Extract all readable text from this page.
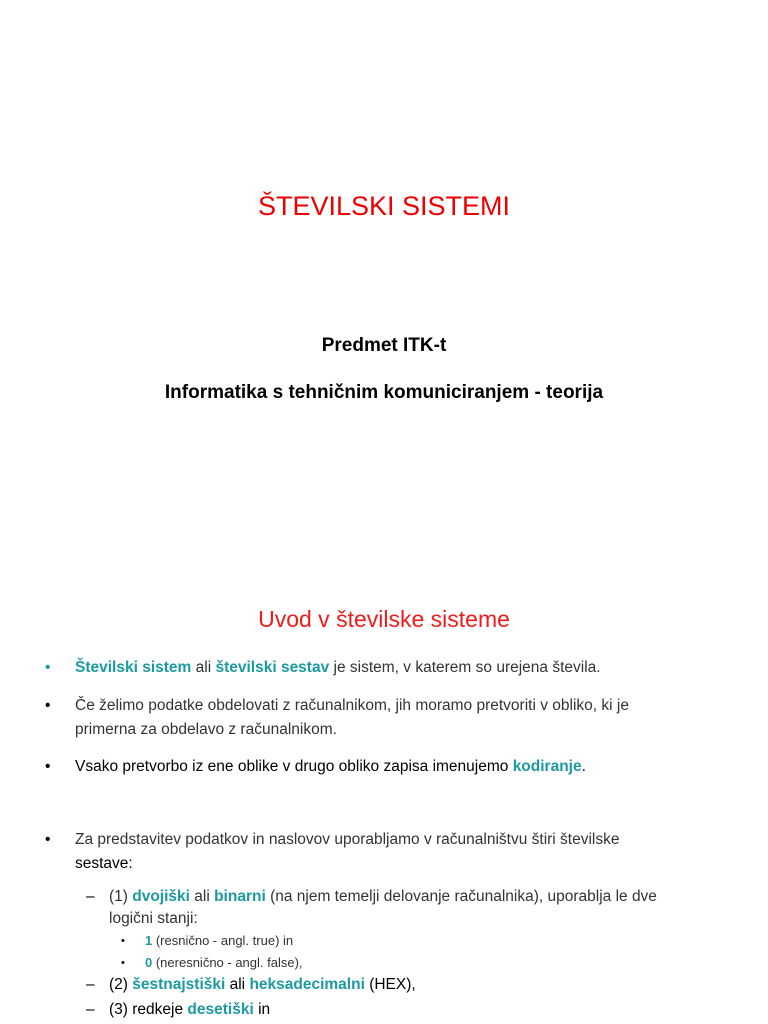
ŠTEVILSKI SISTEMI
Predmet ITK-t
Informatika s tehničnim komuniciranjem - teorija
Uvod v številske sisteme
•	Številski sistem ali številski sestav je sistem, v katerem so urejena števila.
•	Če želimo podatke obdelovati z računalnikom, jih moramo pretvoriti v obliko, ki je
primerna za obdelavo z računalnikom.
•	Vsako pretvorbo iz ene oblike v drugo obliko zapisa imenujemo kodiranje.
•	Za predstavitev podatkov in naslovov uporabljamo v računalništvu štiri številske
sestave:
– (1) dvojiški ali binarni (na njem temelji delovanje računalnika), uporablja le dve
logični stanji:
• 1 (resnično - angl. true) in
• 0 (neresnično - angl. false),
– (2) šestnajstiški ali heksadecimalni (HEX),
– (3) redkeje desetiški in
